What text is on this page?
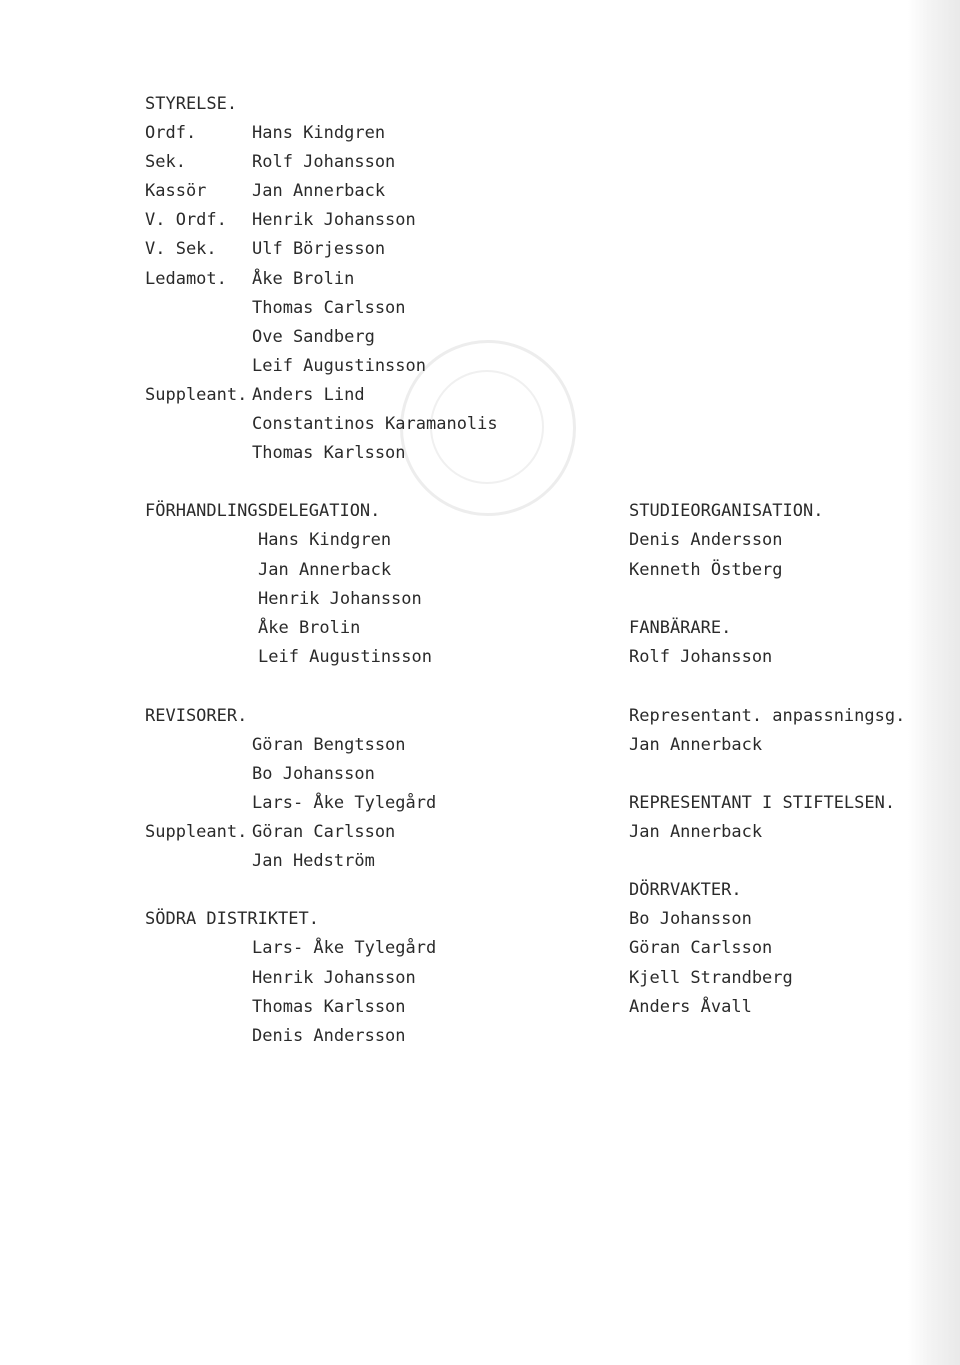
STYRELSE.
Ordf.	Hans Kindgren
Sek.	Rolf Johansson
Kassör	Jan Annerback
V. Ordf. Henrik Johansson
V. Sek. Ulf Börjesson
Ledamot. Åke Brolin
Thomas Carlsson
Ove Sandberg
Leif Augustinsson
Suppleant. Anders Lind
Constantinos Karamanolis
Thomas Karlsson
FÖRHANDLINGSDELEGATION.
Hans Kindgren
Jan Annerback
Henrik Johansson
Åke Brolin
Leif Augustinsson
REVISORER.
Göran Bengtsson
Bo Johansson
Lars- Åke Tylegård
Suppleant. Göran Carlsson
Jan Hedström
SÖDRA DISTRIKTET.
Lars- Åke Tylegård
Henrik Johansson
Thomas Karlsson
Denis Andersson
STUDIEORGANISATION.
Denis Andersson
Kenneth Östberg
FANBÄRARE.
Rolf Johansson
Representant. anpassningsg.
Jan Annerback
REPRESENTANT I STIFTELSEN.
Jan Annerback
DÖRRVAKTER.
Bo Johansson
Göran Carlsson
Kjell Strandberg
Anders Åvall
